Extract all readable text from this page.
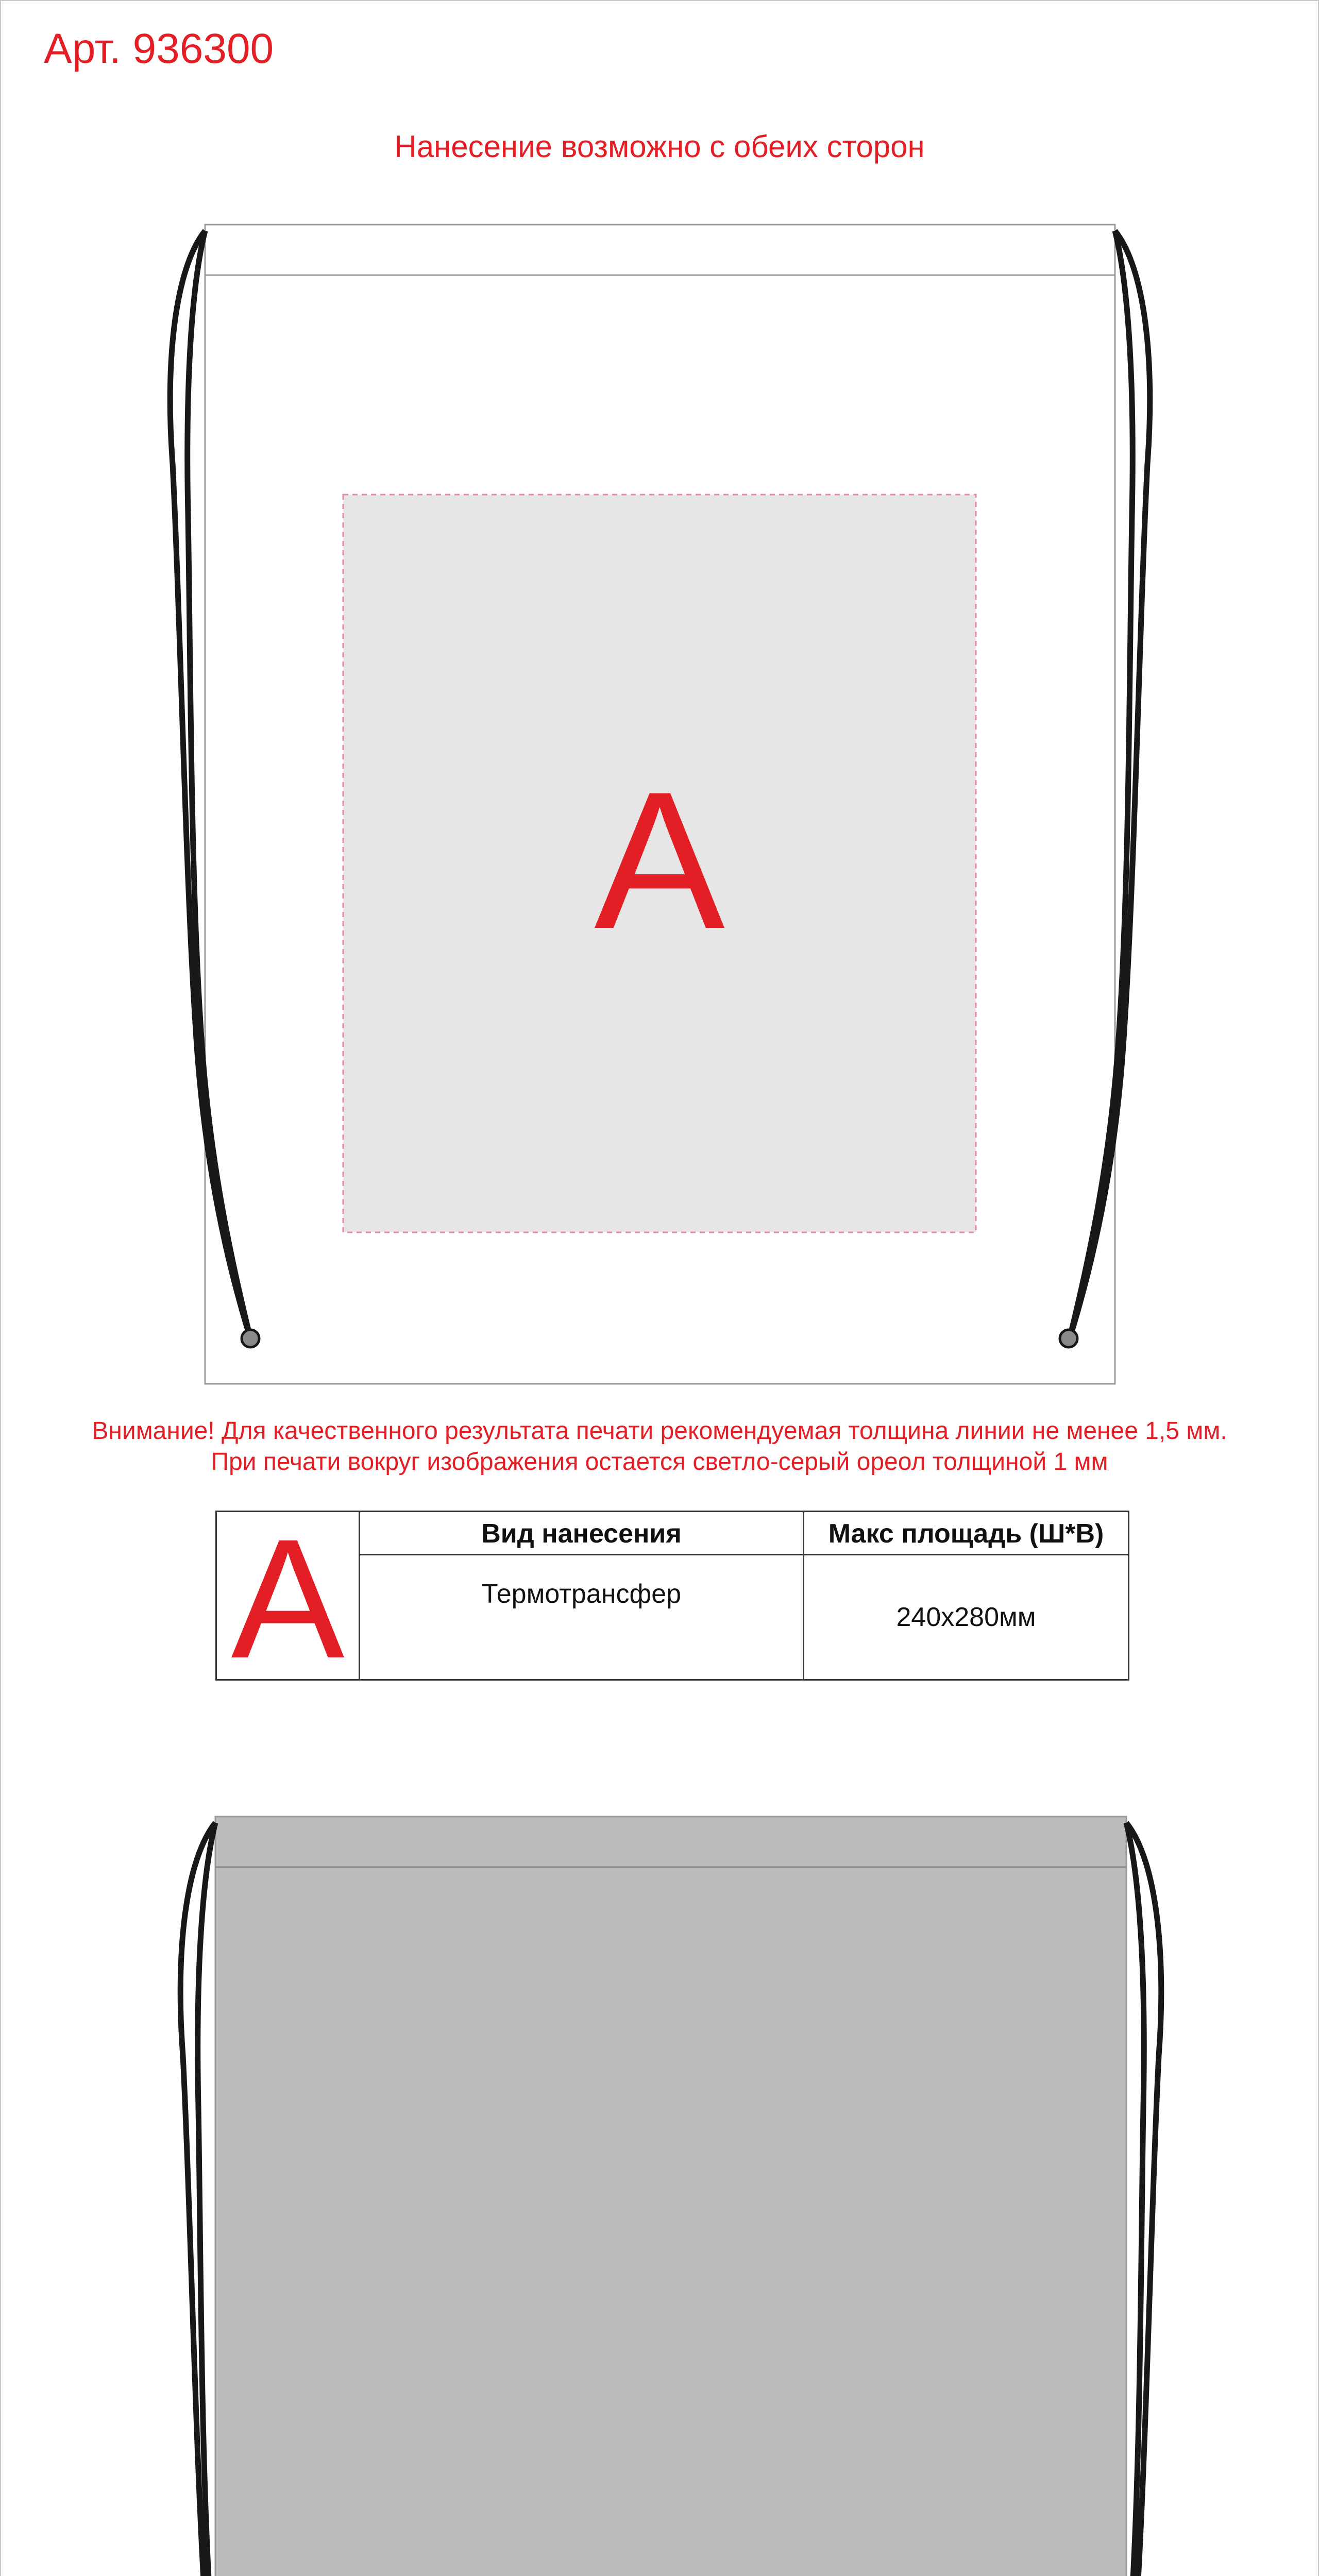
Арт. 936300
Нанесение возможно с обеих сторон
A
Внимание! Для качественного результата печати рекомендуемая толщина линии не менее 1,5 мм.
При печати вокруг изображения остается светло-серый ореол толщиной 1 мм
A	Вид нанесения	Макс площадь (Ш*В)
Термотрансфер
240х280мм
